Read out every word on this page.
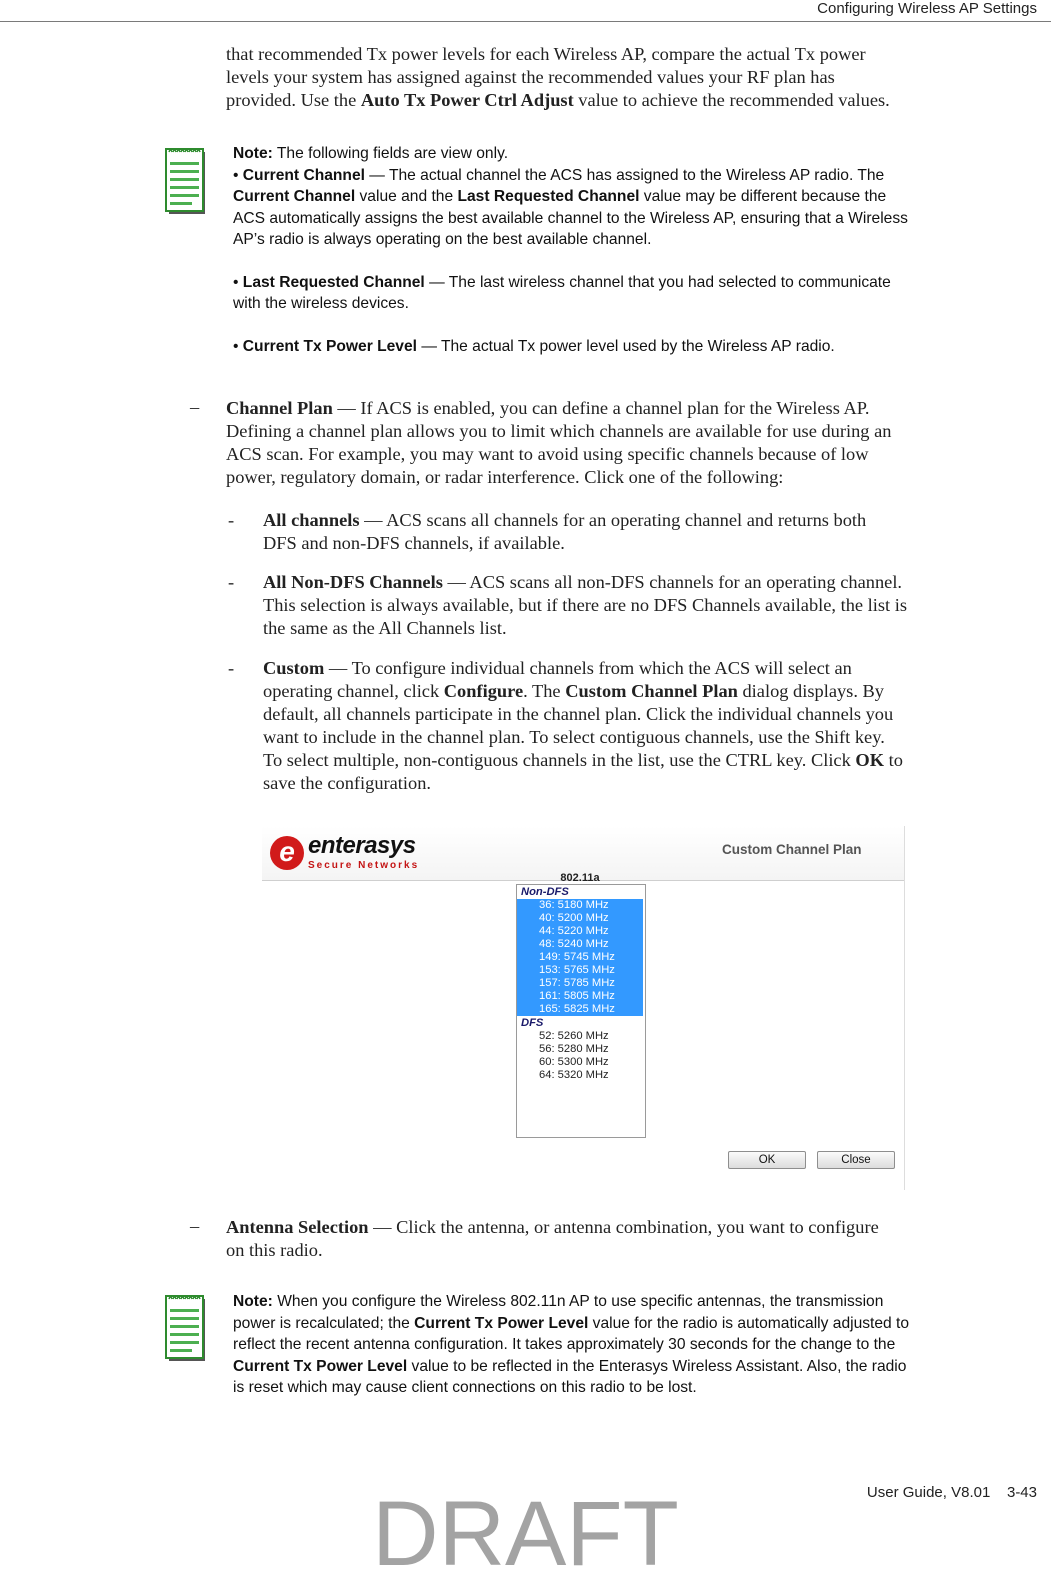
Configuring Wireless AP Settings
that recommended Tx power levels for each Wireless AP, compare the actual Tx power
levels your system has assigned against the recommended values your RF plan has
provided. Use the Auto Tx Power Ctrl Adjust value to achieve the recommended values.
Note: The following fields are view only.
• Current Channel — The actual channel the ACS has assigned to the Wireless AP radio. The
Current Channel value and the Last Requested Channel value may be different because the
ACS automatically assigns the best available channel to the Wireless AP, ensuring that a Wireless
AP’s radio is always operating on the best available channel.
• Last Requested Channel — The last wireless channel that you had selected to communicate
with the wireless devices.
• Current Tx Power Level — The actual Tx power level used by the Wireless AP radio.
– Channel Plan — If ACS is enabled, you can define a channel plan for the Wireless AP.
Defining a channel plan allows you to limit which channels are available for use during an
ACS scan. For example, you may want to avoid using specific channels because of low
power, regulatory domain, or radar interference. Click one of the following:
- All channels — ACS scans all channels for an operating channel and returns both
DFS and non-DFS channels, if available.
- All Non-DFS Channels — ACS scans all non-DFS channels for an operating channel.
This selection is always available, but if there are no DFS Channels available, the list is
the same as the All Channels list.
- Custom — To configure individual channels from which the ACS will select an
operating channel, click Configure. The Custom Channel Plan dialog displays. By
default, all channels participate in the channel plan. Click the individual channels you
want to include in the channel plan. To select contiguous channels, use the Shift key.
To select multiple, non-contiguous channels in the list, use the CTRL key. Click OK to
save the configuration.
e enterasys
Secure Networks
Custom Channel Plan
802.11a
Non-DFS
36: 5180 MHz
40: 5200 MHz
44: 5220 MHz
48: 5240 MHz
149: 5745 MHz
153: 5765 MHz
157: 5785 MHz
161: 5805 MHz
165: 5825 MHz
DFS
52: 5260 MHz
56: 5280 MHz
60: 5300 MHz
64: 5320 MHz
OK	Close
– Antenna Selection — Click the antenna, or antenna combination, you want to configure
on this radio.
Note: When you configure the Wireless 802.11n AP to use specific antennas, the transmission
power is recalculated; the Current Tx Power Level value for the radio is automatically adjusted to
reflect the recent antenna configuration. It takes approximately 30 seconds for the change to the
Current Tx Power Level value to be reflected in the Enterasys Wireless Assistant. Also, the radio
is reset which may cause client connections on this radio to be lost.
DRAFT	User Guide, V8.01    3-43
